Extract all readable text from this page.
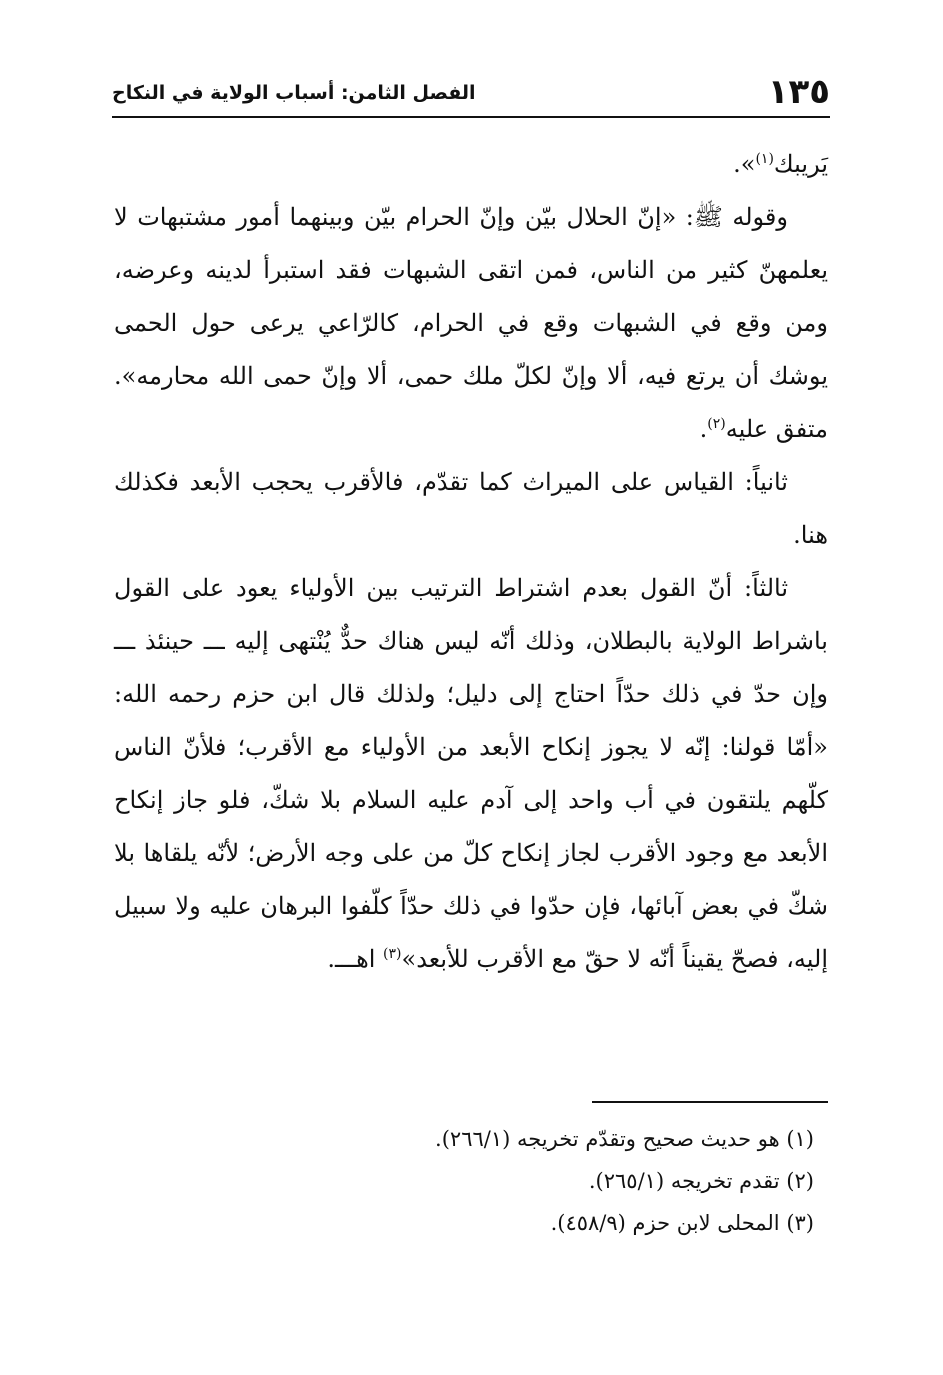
١٣٥
الفصل الثامن: أسباب الولاية في النكاح

يَريبك$^{(١)}$».

وقوله ﷺ: «إنّ الحلال بيّن وإنّ الحرام بيّن وبينهما أمور مشتبهات لا يعلمهنّ كثير من الناس، فمن اتقى الشبهات فقد استبرأ لدينه وعرضه، ومن وقع في الشبهات وقع في الحرام، كالرّاعي يرعى حول الحمى يوشك أن يرتع فيه، ألا وإنّ لكلّ ملك حمى، ألا وإنّ حمى الله محارمه». متفق عليه$^{(٢)}$.

ثانياً: القياس على الميراث كما تقدّم، فالأقرب يحجب الأبعد فكذلك هنا.

ثالثاً: أنّ القول بعدم اشتراط الترتيب بين الأولياء يعود على القول باشراط الولاية بالبطلان، وذلك أنّه ليس هناك حدٌّ يُنْتهى إليه ـــ حينئذ ـــ وإن حدّ في ذلك حدّاً احتاج إلى دليل؛ ولذلك قال ابن حزم رحمه الله: «أمّا قولنا: إنّه لا يجوز إنكاح الأبعد من الأولياء مع الأقرب؛ فلأنّ الناس كلّهم يلتقون في أب واحد إلى آدم عليه السلام بلا شكّ، فلو جاز إنكاح الأبعد مع وجود الأقرب لجاز إنكاح كلّ من على وجه الأرض؛ لأنّه يلقاها بلا شكّ في بعض آبائها، فإن حدّوا في ذلك حدّاً كلّفوا البرهان عليه ولا سبيل إليه، فصحّ يقيناً أنّه لا حقّ مع الأقرب للأبعد»$^{(٣)}$ اهـــ.

(١) هو حديث صحيح وتقدّم تخريجه (٢٦٦/١).

(٢) تقدم تخريجه (٢٦٥/١).

(٣) المحلى لابن حزم (٤٥٨/٩).
